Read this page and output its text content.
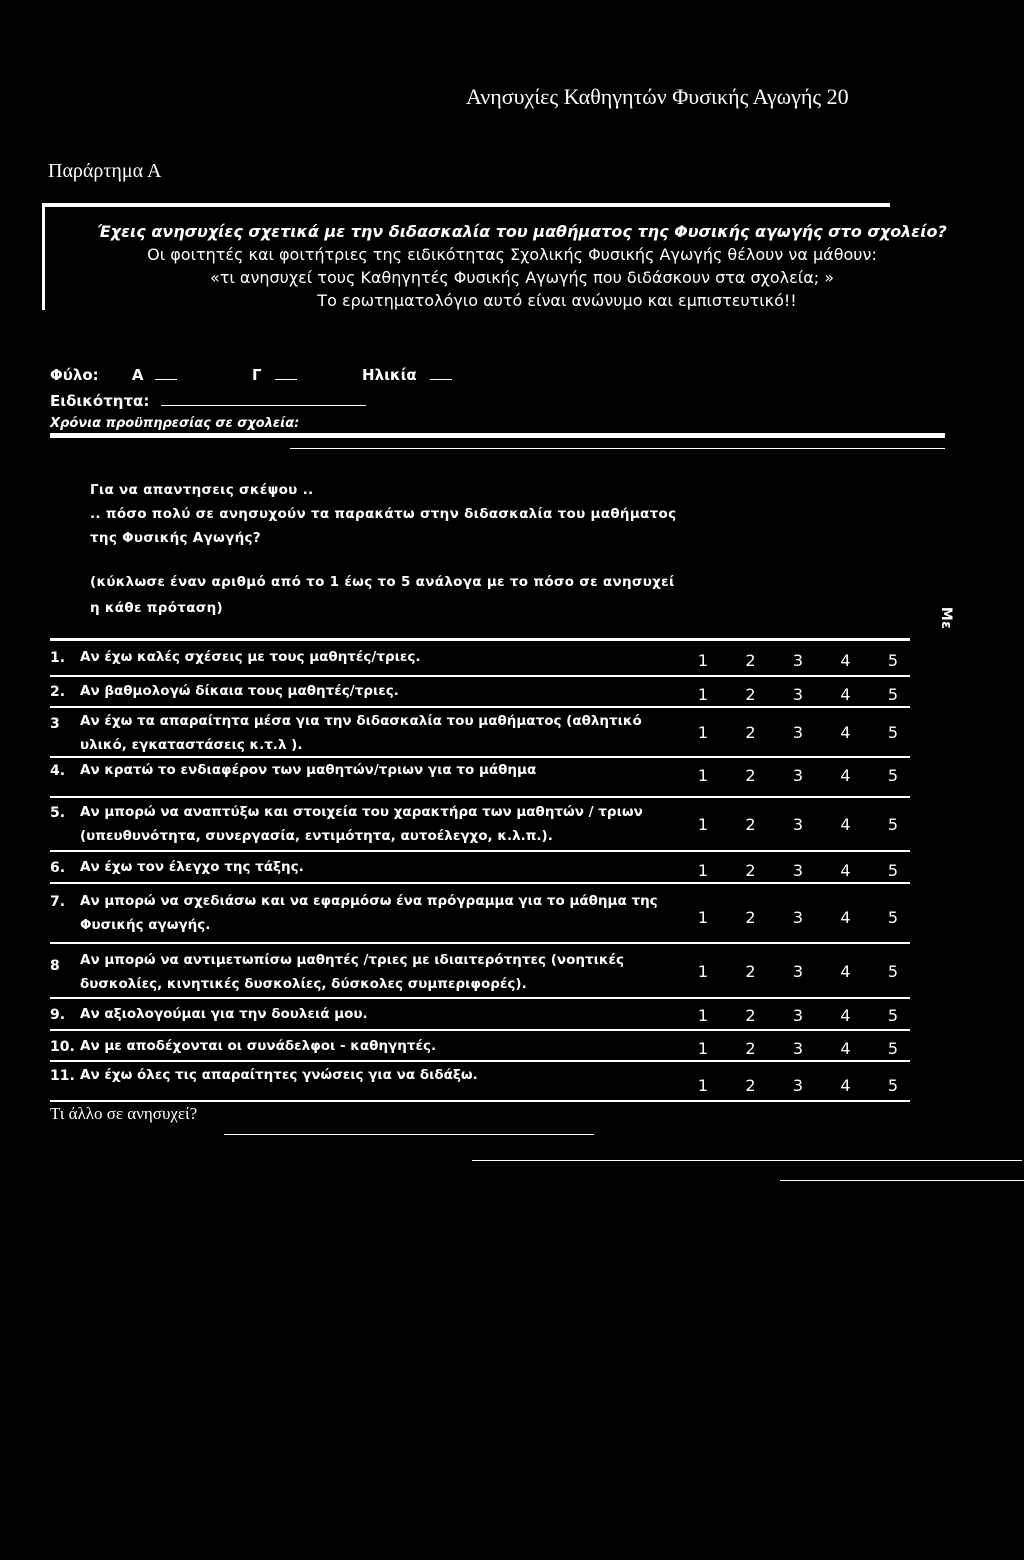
Ανησυχίες Καθηγητών Φυσικής Αγωγής 20
Παράρτημα Α
Έχεις ανησυχίες σχετικά με την διδασκαλία του μαθήματος της Φυσικής αγωγής στο σχολείο?
Οι φοιτητές και φοιτήτριες της ειδικότητας Σχολικής Φυσικής Αγωγής θέλουν να μάθουν:
«τι ανησυχεί τους Καθηγητές Φυσικής Αγωγής που διδάσκουν στα σχολεία; »
Το ερωτηματολόγιο αυτό είναι ανώνυμο και εμπιστευτικό!!
Φύλο: Α	Γ	Ηλικία
Ειδικότητα:
Χρόνια προϋπηρεσίας σε σχολεία:
Για να απαντησεις σκέψου ..
.. πόσο πολύ σε ανησυχούν τα παρακάτω στην διδασκαλία του μαθήματος
της Φυσικής Αγωγής?
(κύκλωσε έναν αριθμό από το 1 έως το 5 ανάλογα με το πόσο σε ανησυχεί
η κάθε πρόταση)	Με
1. Αν έχω καλές σχέσεις με τους μαθητές/τριες.	1	2	3	4	5
2. Αν βαθμολογώ δίκαια τους μαθητές/τριες.	1	2	3	4	5
3 Αν έχω τα απαραίτητα μέσα για την διδασκαλία του μαθήματος (αθλητικό υλικό, εγκαταστάσεις κ.τ.λ ).
1	2	3	4	5
4. Αν κρατώ το ενδιαφέρον των μαθητών/τριων για το μάθημα	1	2	3	4	5
5. Αν μπορώ να αναπτύξω και στοιχεία του χαρακτήρα των μαθητών / τριων (υπευθυνότητα, συνεργασία, εντιμότητα, αυτοέλεγχο, κ.λ.π.).
1	2	3	4	5
6. Αν έχω τον έλεγχο της τάξης.	1	2	3	4	5
7. Αν μπορώ να σχεδιάσω και να εφαρμόσω ένα πρόγραμμα για το μάθημα της Φυσικής αγωγής.	1	2	3	4	5
8 Αν μπορώ να αντιμετωπίσω μαθητές /τριες με ιδιαιτερότητες (νοητικές δυσκολίες, κινητικές δυσκολίες, δύσκολες συμπεριφορές).
1	2	3	4	5
9. Αν αξιολογούμαι για την δουλειά μου.	1	2	3	4	5
10. Αν με αποδέχονται οι συνάδελφοι - καθηγητές.	1	2	3	4	5
11. Αν έχω όλες τις απαραίτητες γνώσεις για να διδάξω.
1	2	3	4	5
Τι άλλο σε ανησυχεί?
